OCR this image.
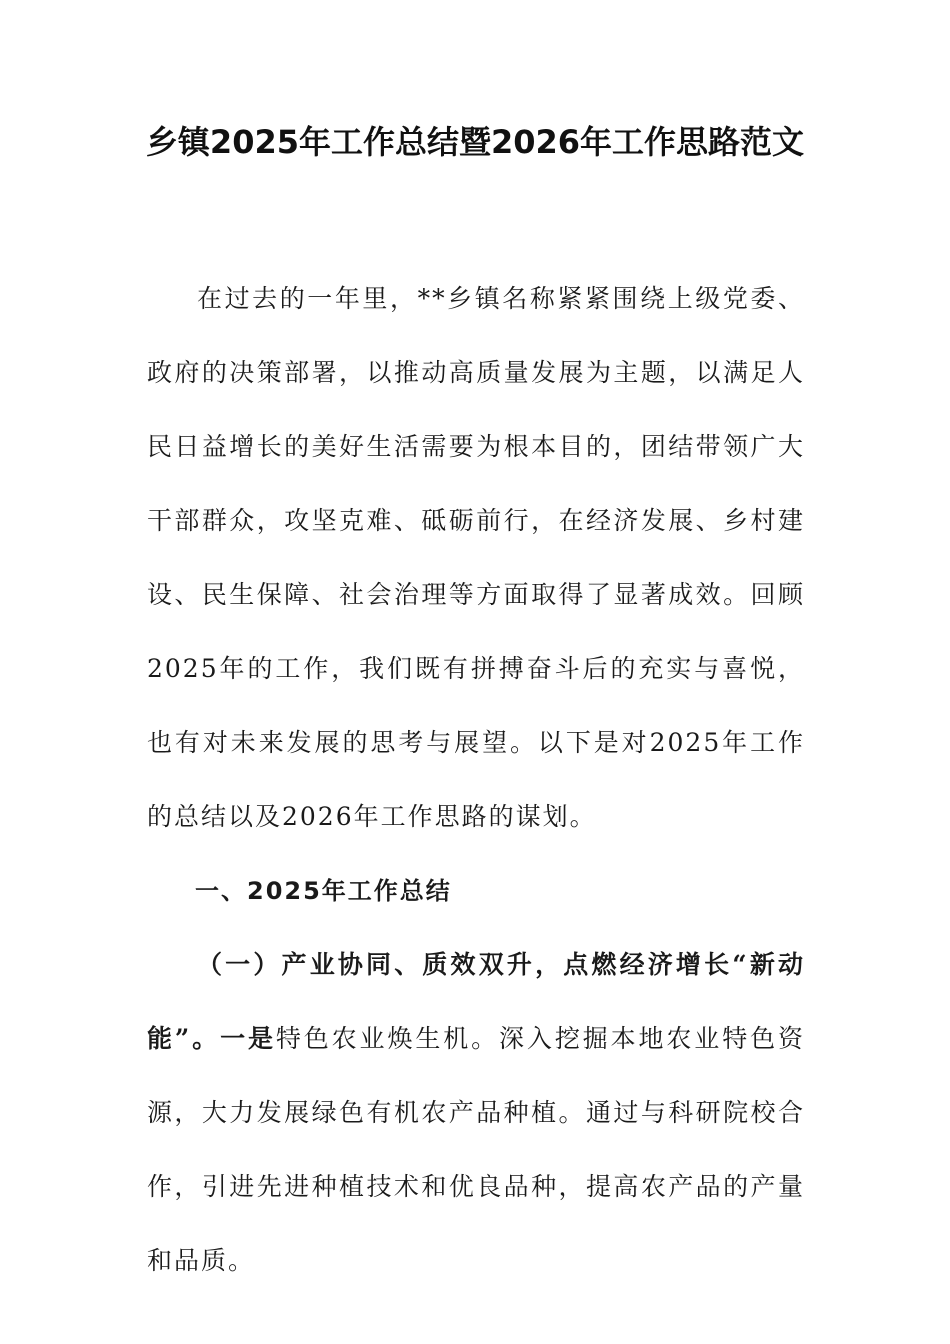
乡镇2025年工作总结暨2026年工作思路范文

在过去的一年里，**乡镇名称紧紧围绕上级党委、政府的决策部署，以推动高质量发展为主题，以满足人民日益增长的美好生活需要为根本目的，团结带领广大干部群众，攻坚克难、砥砺前行，在经济发展、乡村建设、民生保障、社会治理等方面取得了显著成效。回顾2025年的工作，我们既有拼搏奋斗后的充实与喜悦，也有对未来发展的思考与展望。以下是对2025年工作的总结以及2026年工作思路的谋划。

一、2025年工作总结

（一）产业协同、质效双升，点燃经济增长“新动能”。一是特色农业焕生机。深入挖掘本地农业特色资源，大力发展绿色有机农产品种植。通过与科研院校合作，引进先进种植技术和优良品种，提高农产品的产量和品质。
